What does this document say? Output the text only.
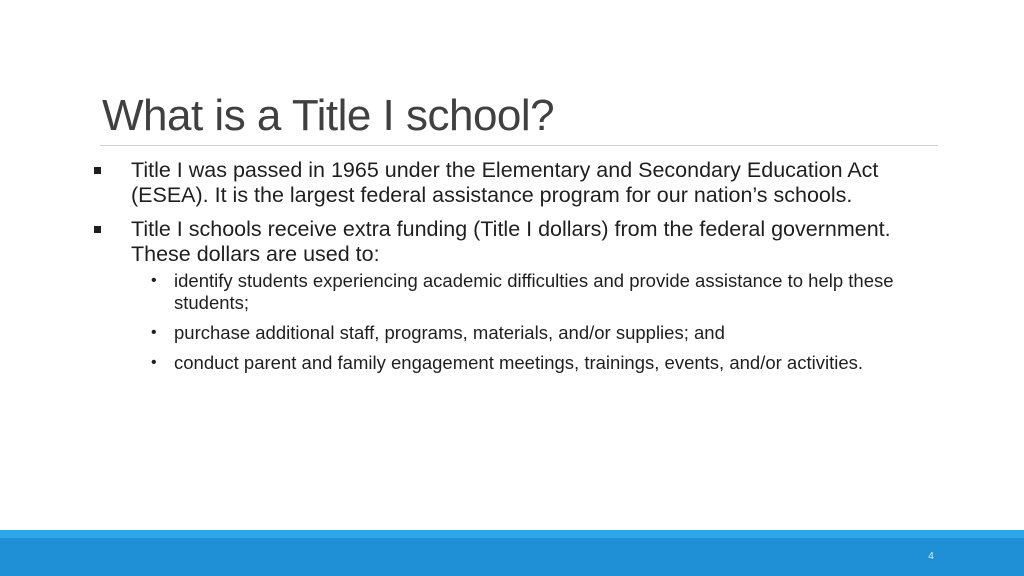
What is a Title I school?
Title I was passed in 1965 under the Elementary and Secondary Education Act (ESEA). It is the largest federal assistance program for our nation’s schools.
Title I schools receive extra funding (Title I dollars) from the federal government. These dollars are used to:
• identify students experiencing academic difficulties and provide assistance to help these students;
• purchase additional staff, programs, materials, and/or supplies; and
• conduct parent and family engagement meetings, trainings, events, and/or activities.
4
